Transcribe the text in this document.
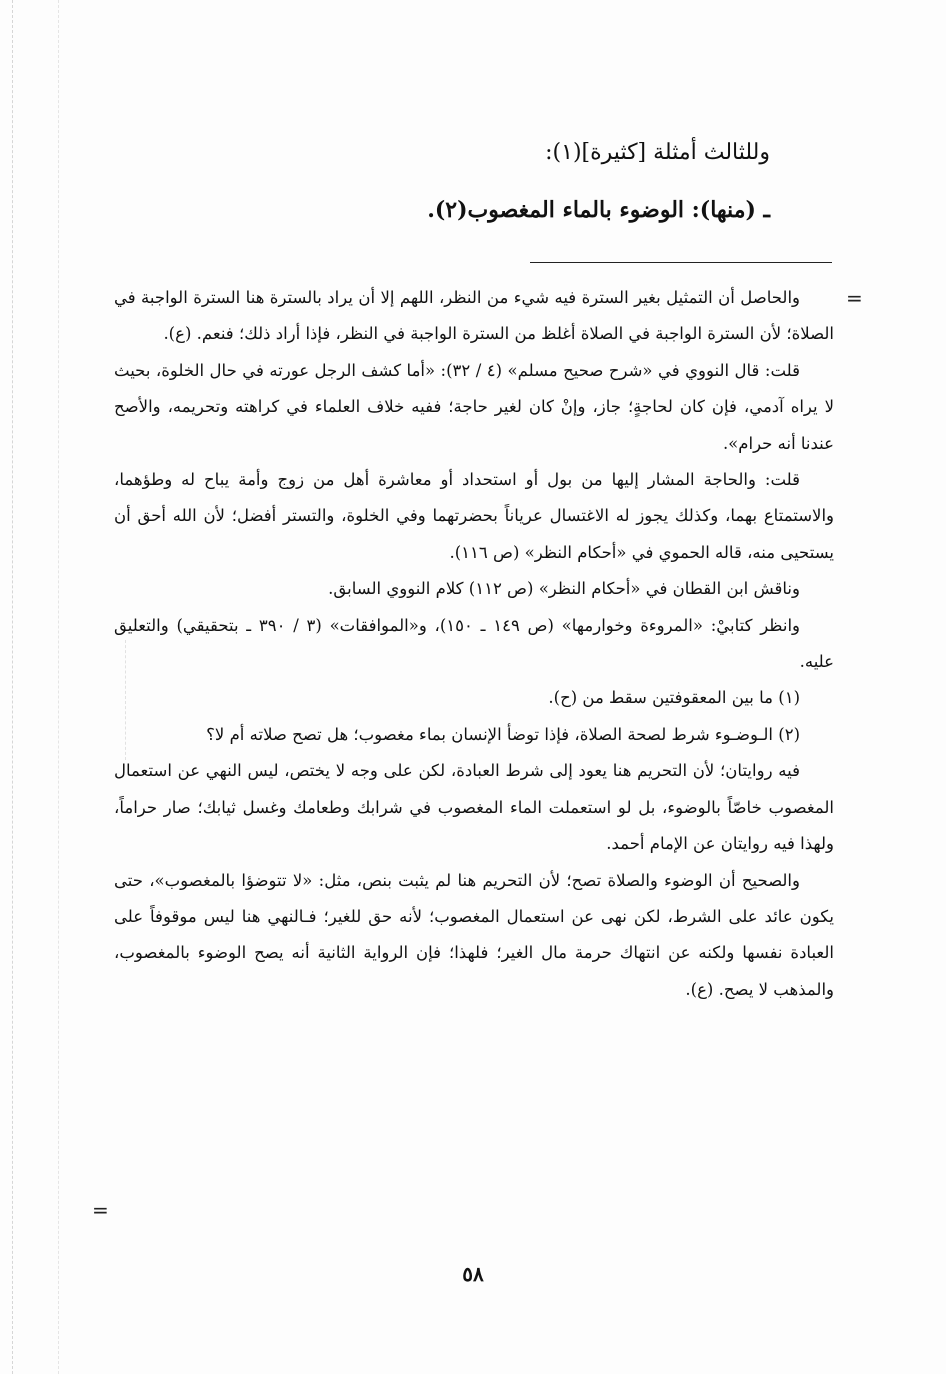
وللثالث أمثلة [كثيرة](١):
ـ (منها): الوضوء بالماء المغصوب(٢).
=
=

والحاصل أن التمثيل بغير السترة فيه شيء من النظر، اللهم إلا أن يراد بالسترة هنا السترة الواجبة في الصلاة؛ لأن السترة الواجبة في الصلاة أغلظ من السترة الواجبة في النظر، فإذا أراد ذلك؛ فنعم. (ع).

قلت: قال النووي في «شرح صحيح مسلم» (٤ / ٣٢): «أما كشف الرجل عورته في حال الخلوة، بحيث لا يراه آدمي، فإن كان لحاجةٍ؛ جاز، وإنْ كان لغير حاجة؛ ففيه خلاف العلماء في كراهته وتحريمه، والأصح عندنا أنه حرام».

قلت: والحاجة المشار إليها من بول أو استحداد أو معاشرة أهل من زوج وأمة يباح له وطؤهما، والاستمتاع بهما، وكذلك يجوز له الاغتسال عرياناً بحضرتهما وفي الخلوة، والتستر أفضل؛ لأن الله أحق أن يستحيى منه، قاله الحموي في «أحكام النظر» (ص ١١٦).

وناقش ابن القطان في «أحكام النظر» (ص ١١٢) كلام النووي السابق.

وانظر كتابيْ: «المروءة وخوارمها» (ص ١٤٩ ـ ١٥٠)، و«الموافقات» (٣ / ٣٩٠ ـ بتحقيقي) والتعليق عليه.

(١) ما بين المعقوفتين سقط من (ح).

(٢) الـوضـوء شرط لصحة الصلاة، فإذا توضأ الإنسان بماء مغصوب؛ هل تصح صلاته أم لا؟

فيه روايتان؛ لأن التحريم هنا يعود إلى شرط العبادة، لكن على وجه لا يختص، ليس النهي عن استعمال المغصوب خاصّاً بالوضوء، بل لو استعملت الماء المغصوب في شرابك وطعامك وغسل ثيابك؛ صار حراماً، ولهذا فيه روايتان عن الإمام أحمد.

والصحيح أن الوضوء والصلاة تصح؛ لأن التحريم هنا لم يثبت بنص، مثل: «لا تتوضؤا بالمغصوب»، حتى يكون عائد على الشرط، لكن نهى عن استعمال المغصوب؛ لأنه حق للغير؛ فـالنهي هنا ليس موقوفاً على العبادة نفسها ولكنه عن انتهاك حرمة مال الغير؛ فلهذا؛ فإن الرواية الثانية أنه يصح الوضوء بالمغصوب، والمذهب لا يصح. (ع).

٥٨
